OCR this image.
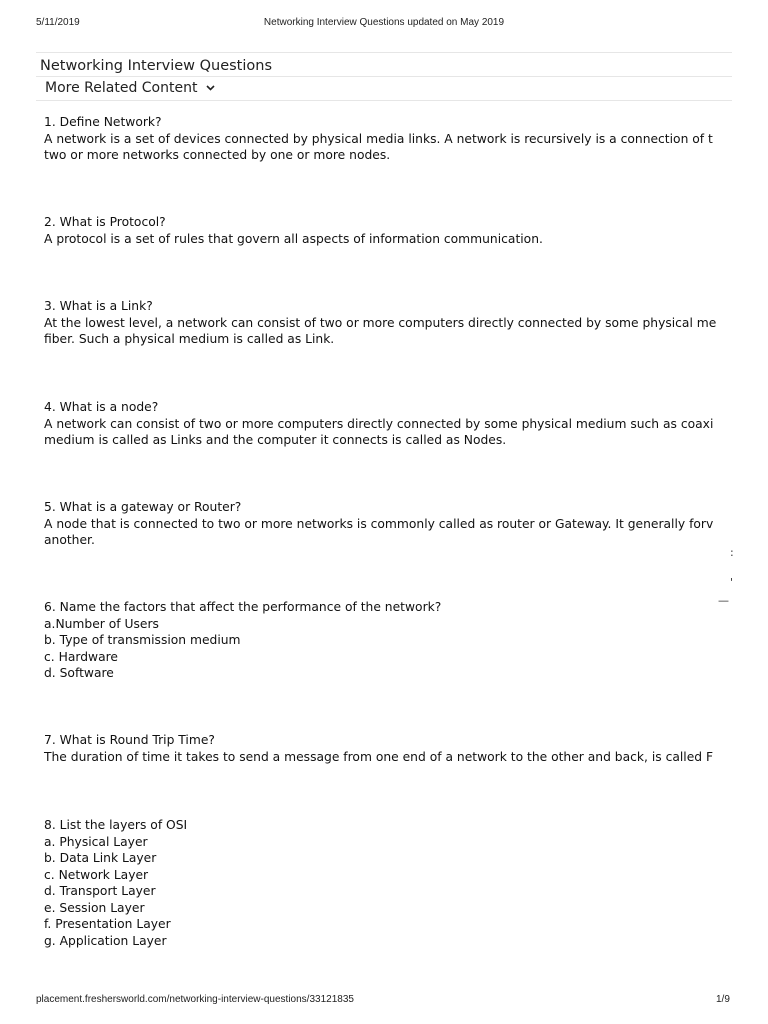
5/11/2019	Networking Interview Questions updated on May 2019
Networking Interview Questions
More Related Content
1. Define Network?
A network is a set of devices connected by physical media links. A network is recursively is a connection of t
two or more networks connected by one or more nodes.
2. What is Protocol?
A protocol is a set of rules that govern all aspects of information communication.
3. What is a Link?
At the lowest level, a network can consist of two or more computers directly connected by some physical me
fiber. Such a physical medium is called as Link.
4. What is a node?
A network can consist of two or more computers directly connected by some physical medium such as coaxi
medium is called as Links and the computer it connects is called as Nodes.
5. What is a gateway or Router?
A node that is connected to two or more networks is commonly called as router or Gateway. It generally forv
another.
6. Name the factors that affect the performance of the network?
a.Number of Users
b. Type of transmission medium
c. Hardware
d. Software
7. What is Round Trip Time?
The duration of time it takes to send a message from one end of a network to the other and back, is called F
8. List the layers of OSI
a. Physical Layer
b. Data Link Layer
c. Network Layer
d. Transport Layer
e. Session Layer
f. Presentation Layer
g. Application Layer
:
'
—
placement.freshersworld.com/networking-interview-questions/33121835	1/9
